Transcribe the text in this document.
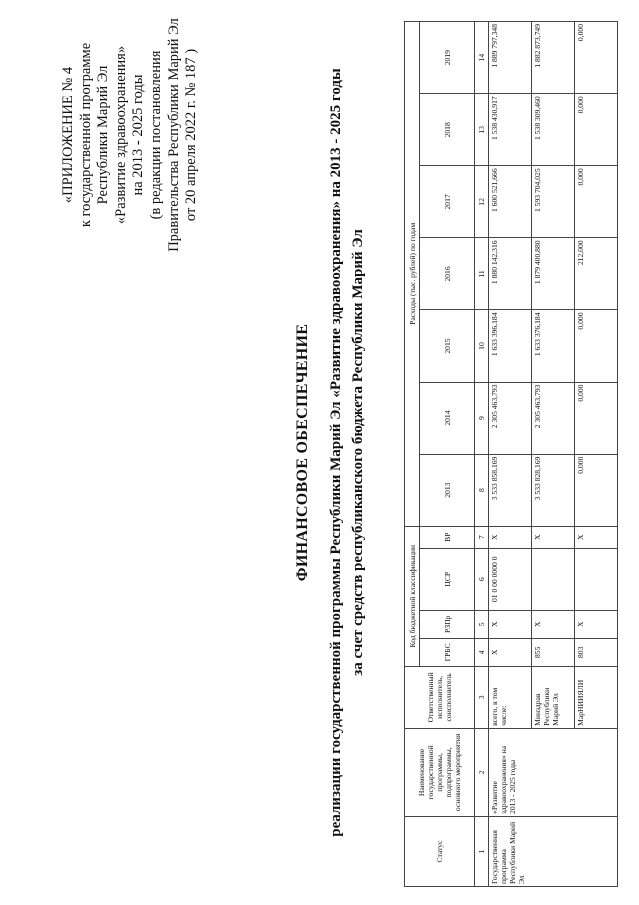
«ПРИЛОЖЕНИЕ № 4 к государственной программе Республики Марий Эл «Развитие здравоохранения» на 2013 - 2025 годы (в редакции постановления Правительства Республики Марий Эл от 20 апреля 2022 г. № 187 )
ФИНАНСОВОЕ ОБЕСПЕЧЕНИЕ реализации государственной программы Республики Марий Эл «Развитие здравоохранения» на 2013 - 2025 годы за счет средств республиканского бюджета Республики Марий Эл
Статус	Наименование государственной программы, подпрограммы, основного мероприятия	Ответственный исполнитель, соисполнитель	Код бюджетной классификации				Расходы (тыс. рублей) по годам						
			ГРБС	РЗПр	ЦСР	ВР	2013	2014	2015	2016	2017	2018	2019
1	2	3	4	5	6	7	8	9	10	11	12	13	14
Государственная программа Республики Марий Эл	«Развитие здравоохранения» на 2013 - 2025 годы	всего, в том числе:	X	X	01 0 00 0000 0	X	3 533 858,169	2 305 463,793	1 633 396,184	1 880 142,316	1 600 521,666	1 538 430,917	1 889 797,348
		Минздрав Республики Марий Эл	855	X		X	3 533 828,169	2 305 463,793	1 633 376,184	1 879 400,880	1 593 704,025	1 538 309,460	1 882 873,749
		МарНИИЯЛИ	803	X		X	0,000	0,000	0,000	212,000	0,000	0,000	0,000
